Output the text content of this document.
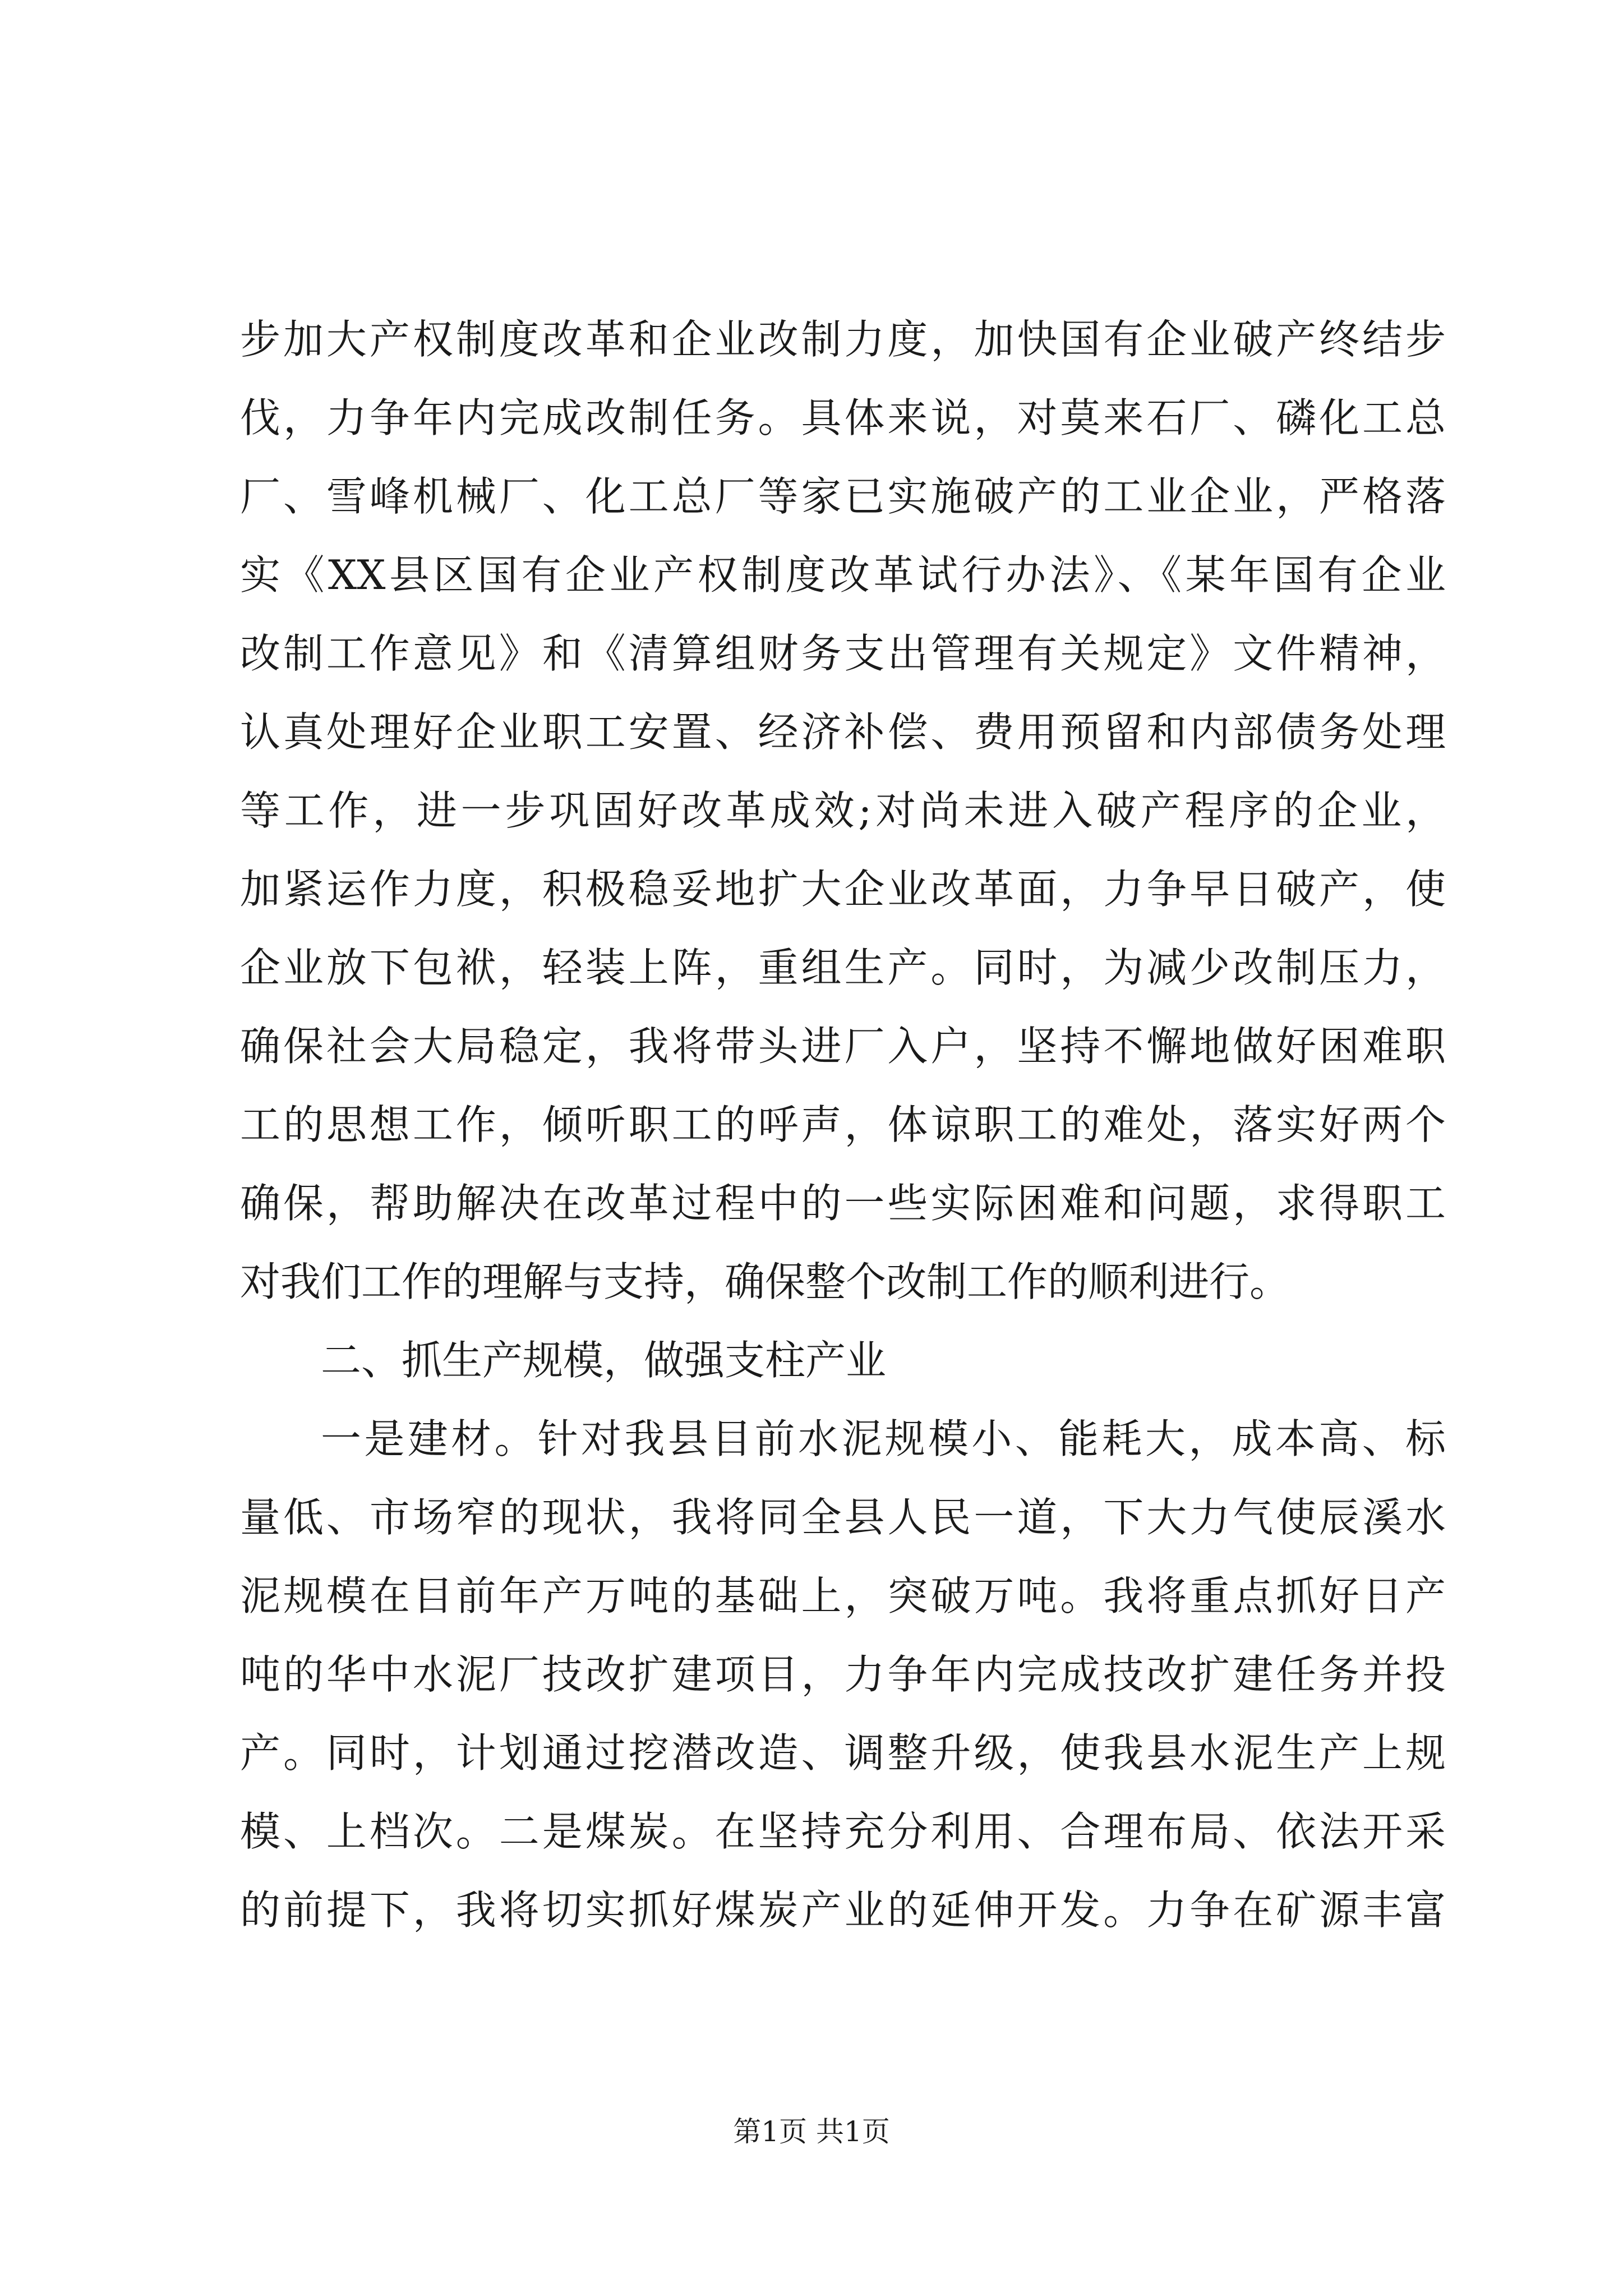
步加大产权制度改革和企业改制力度，加快国有企业破产终结步
伐，力争年内完成改制任务。具体来说，对莫来石厂、磷化工总
厂、雪峰机械厂、化工总厂等家已实施破产的工业企业，严格落
实《XX县区国有企业产权制度改革试行办法》、《某年国有企业
改制工作意见》和《清算组财务支出管理有关规定》文件精神，
认真处理好企业职工安置、经济补偿、费用预留和内部债务处理
等工作，进一步巩固好改革成效;对尚未进入破产程序的企业，
加紧运作力度，积极稳妥地扩大企业改革面，力争早日破产，使
企业放下包袱，轻装上阵，重组生产。同时，为减少改制压力，
确保社会大局稳定，我将带头进厂入户，坚持不懈地做好困难职
工的思想工作，倾听职工的呼声，体谅职工的难处，落实好两个
确保，帮助解决在改革过程中的一些实际困难和问题，求得职工
对我们工作的理解与支持，确保整个改制工作的顺利进行。
二、抓生产规模，做强支柱产业
一是建材。针对我县目前水泥规模小、能耗大，成本高、标
量低、市场窄的现状，我将同全县人民一道，下大力气使辰溪水
泥规模在目前年产万吨的基础上，突破万吨。我将重点抓好日产
吨的华中水泥厂技改扩建项目，力争年内完成技改扩建任务并投
产。同时，计划通过挖潜改造、调整升级，使我县水泥生产上规
模、上档次。二是煤炭。在坚持充分利用、合理布局、依法开采
的前提下，我将切实抓好煤炭产业的延伸开发。力争在矿源丰富
第1页 共1页
